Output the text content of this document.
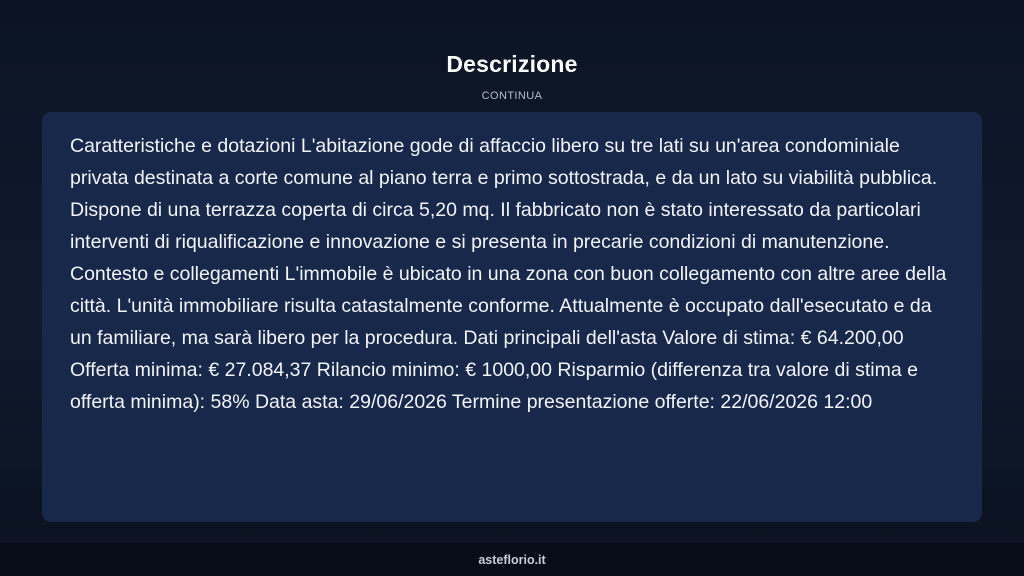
Descrizione
CONTINUA

Caratteristiche e dotazioni L'abitazione gode di affaccio libero su tre lati su un'area condominiale privata destinata a corte comune al piano terra e primo sottostrada, e da un lato su viabilità pubblica. Dispone di una terrazza coperta di circa 5,20 mq. Il fabbricato non è stato interessato da particolari interventi di riqualificazione e innovazione e si presenta in precarie condizioni di manutenzione. Contesto e collegamenti L'immobile è ubicato in una zona con buon collegamento con altre aree della città. L'unità immobiliare risulta catastalmente conforme. Attualmente è occupato dall'esecutato e da un familiare, ma sarà libero per la procedura. Dati principali dell'asta Valore di stima: € 64.200,00 Offerta minima: € 27.084,37 Rilancio minimo: € 1000,00 Risparmio (differenza tra valore di stima e offerta minima): 58% Data asta: 29/06/2026 Termine presentazione offerte: 22/06/2026 12:00

asteflorio.it
